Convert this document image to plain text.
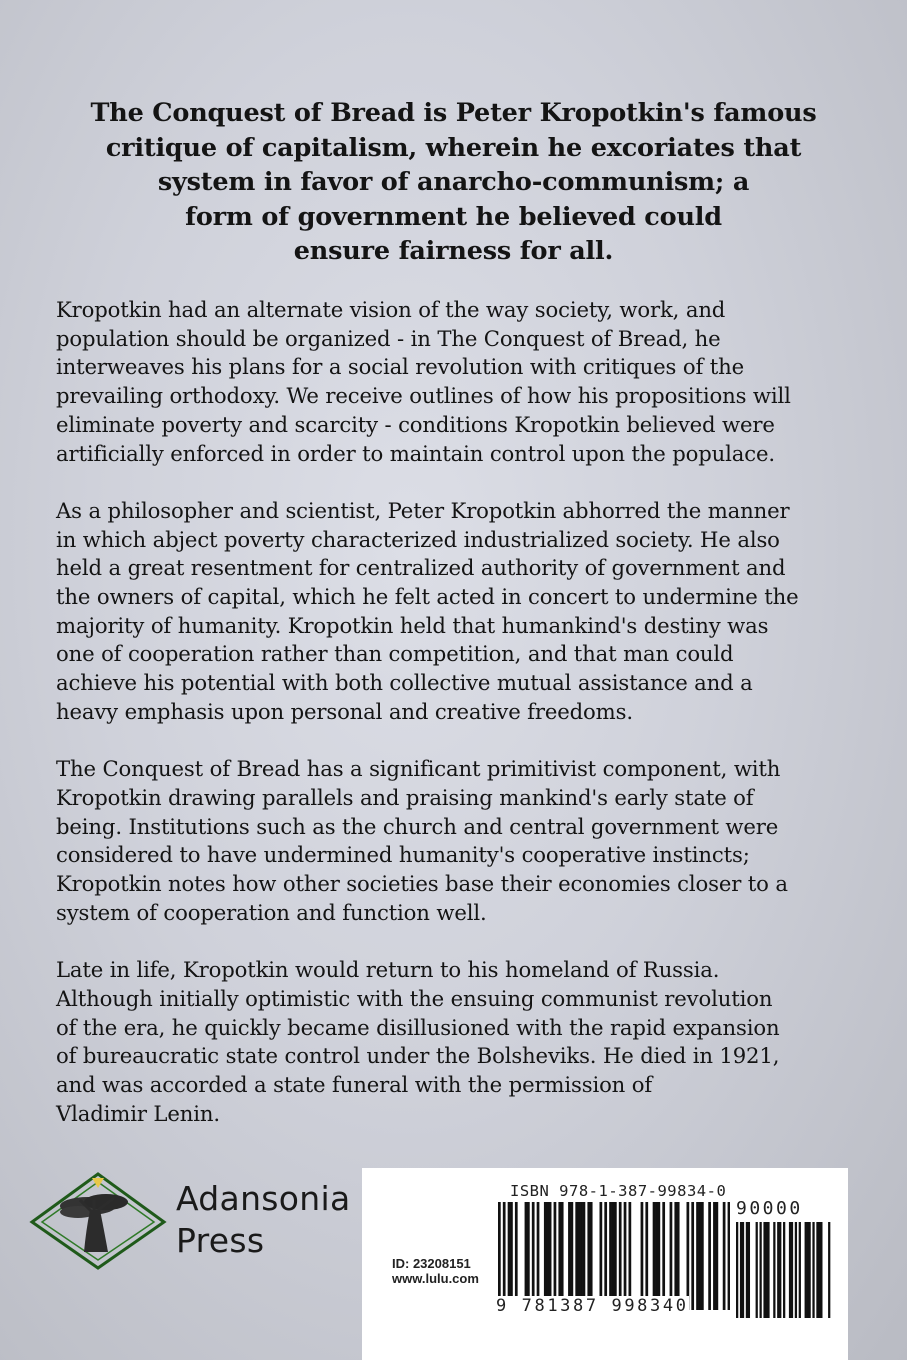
The Conquest of Bread is Peter Kropotkin's famous
critique of capitalism, wherein he excoriates that
system in favor of anarcho-communism; a
form of government he believed could
ensure fairness for all.

Kropotkin had an alternate vision of the way society, work, and
population should be organized - in The Conquest of Bread, he
interweaves his plans for a social revolution with critiques of the
prevailing orthodoxy. We receive outlines of how his propositions will
eliminate poverty and scarcity - conditions Kropotkin believed were
artificially enforced in order to maintain control upon the populace.

As a philosopher and scientist, Peter Kropotkin abhorred the manner
in which abject poverty characterized industrialized society. He also
held a great resentment for centralized authority of government and
the owners of capital, which he felt acted in concert to undermine the
majority of humanity. Kropotkin held that humankind's destiny was
one of cooperation rather than competition, and that man could
achieve his potential with both collective mutual assistance and a
heavy emphasis upon personal and creative freedoms.

The Conquest of Bread has a significant primitivist component, with
Kropotkin drawing parallels and praising mankind's early state of
being. Institutions such as the church and central government were
considered to have undermined humanity's cooperative instincts;
Kropotkin notes how other societies base their economies closer to a
system of cooperation and function well.

Late in life, Kropotkin would return to his homeland of Russia.
Although initially optimistic with the ensuing communist revolution
of the era, he quickly became disillusioned with the rapid expansion
of bureaucratic state control under the Bolsheviks. He died in 1921,
and was accorded a state funeral with the permission of
Vladimir Lenin.

Adansonia
Press
ISBN 978-1-387-99834-0
ID: 23208151
www.lulu.com
9 781387 998340
90000
